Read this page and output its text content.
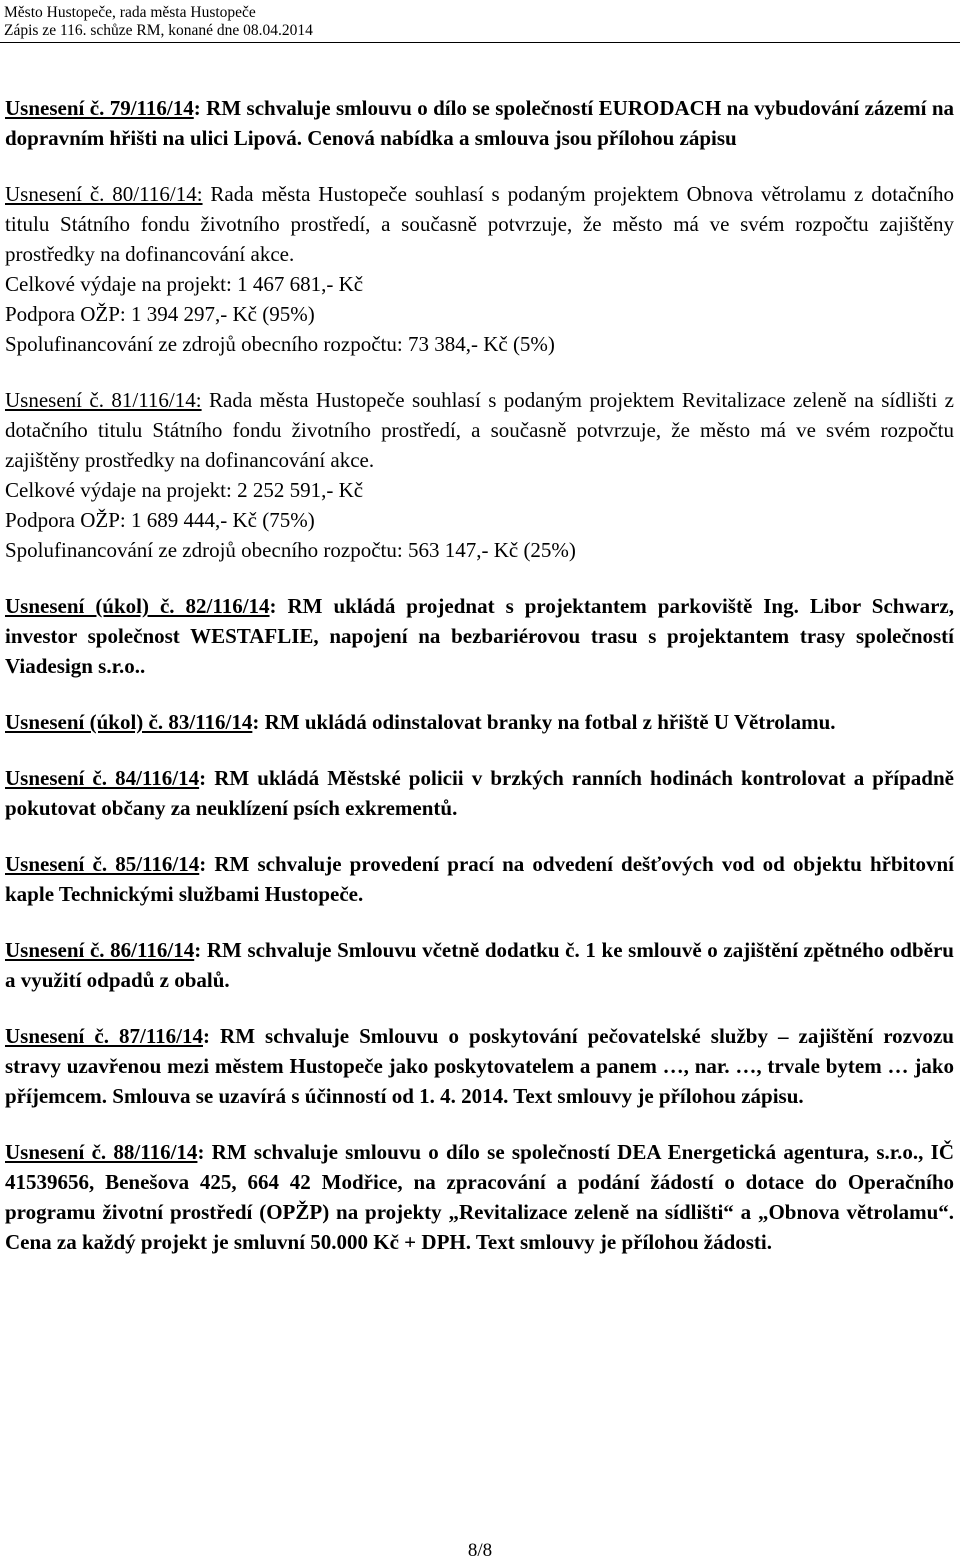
Město Hustopeče, rada města Hustopeče
Zápis ze 116. schůze RM, konané dne 08.04.2014

Usnesení č. 79/116/14: RM schvaluje smlouvu o dílo se společností EURODACH na vybudování zázemí na dopravním hřišti na ulici Lipová. Cenová nabídka a smlouva jsou přílohou zápisu

Usnesení č. 80/116/14: Rada města Hustopeče souhlasí s podaným projektem Obnova větrolamu z dotačního titulu Státního fondu životního prostředí, a současně potvrzuje, že město má ve svém rozpočtu zajištěny prostředky na dofinancování akce.
Celkové výdaje na projekt: 1 467 681,- Kč
Podpora OŽP: 1 394 297,- Kč (95%)
Spolufinancování ze zdrojů obecního rozpočtu: 73 384,- Kč (5%)

Usnesení č. 81/116/14: Rada města Hustopeče souhlasí s podaným projektem Revitalizace zeleně na sídlišti z dotačního titulu Státního fondu životního prostředí, a současně potvrzuje, že město má ve svém rozpočtu zajištěny prostředky na dofinancování akce.
Celkové výdaje na projekt: 2 252 591,- Kč
Podpora OŽP: 1 689 444,- Kč (75%)
Spolufinancování ze zdrojů obecního rozpočtu: 563 147,- Kč (25%)

Usnesení (úkol) č. 82/116/14: RM ukládá projednat s projektantem parkoviště Ing. Libor Schwarz, investor společnost WESTAFLIE, napojení na bezbariérovou trasu s projektantem trasy společností Viadesign s.r.o..

Usnesení (úkol) č. 83/116/14: RM ukládá odinstalovat branky na fotbal z hřiště U Větrolamu.

Usnesení č. 84/116/14: RM ukládá Městské policii v brzkých ranních hodinách kontrolovat a případně pokutovat občany za neuklízení psích exkrementů.

Usnesení č. 85/116/14: RM schvaluje provedení prací na odvedení dešťových vod od objektu hřbitovní kaple Technickými službami Hustopeče.

Usnesení č. 86/116/14: RM schvaluje Smlouvu včetně dodatku č. 1 ke smlouvě o zajištění zpětného odběru a využití odpadů z obalů.

Usnesení č. 87/116/14: RM schvaluje Smlouvu o poskytování pečovatelské služby – zajištění rozvozu stravy uzavřenou mezi městem Hustopeče jako poskytovatelem a panem …, nar. …, trvale bytem … jako příjemcem. Smlouva se uzavírá s účinností od 1. 4. 2014. Text smlouvy je přílohou zápisu.

Usnesení č. 88/116/14: RM schvaluje smlouvu o dílo se společností DEA Energetická agentura, s.r.o., IČ 41539656, Benešova 425, 664 42 Modřice, na zpracování a podání žádostí o dotace do Operačního programu životní prostředí (OPŽP) na projekty „Revitalizace zeleně na sídlišti“ a „Obnova větrolamu“. Cena za každý projekt je smluvní 50.000 Kč + DPH. Text smlouvy je přílohou žádosti.

8/8
